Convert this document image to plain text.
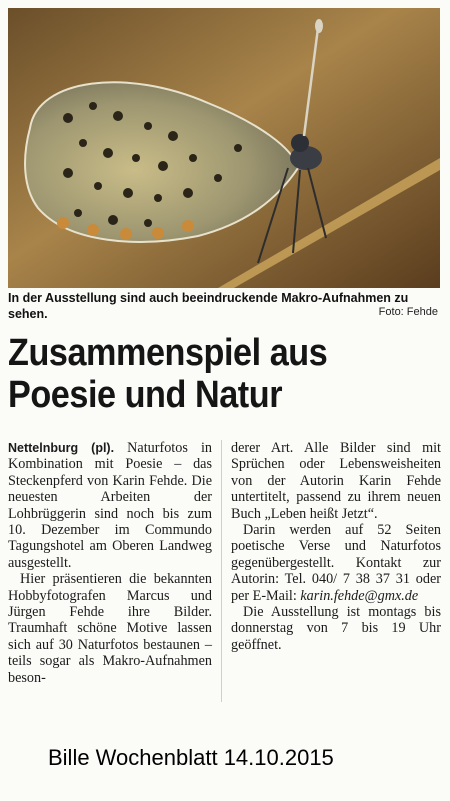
In der Ausstellung sind auch beeindruckende Makro-Aufnahmen zu sehen.	Foto: Fehde
Zusammenspiel aus
Poesie und Natur

Nettelnburg (pl). Naturfotos in Kombination mit Poesie – das Steckenpferd von Karin Fehde. Die neuesten Arbeiten der Lohbrüggerin sind noch bis zum 10. Dezember im Commundo Tagungshotel am Oberen Landweg ausgestellt.

Hier präsentieren die bekannten Hobbyfotografen Marcus und Jürgen Fehde ihre Bilder. Traumhaft schöne Motive lassen sich auf 30 Naturfotos bestaunen – teils sogar als Makro-Aufnahmen beson-

derer Art. Alle Bilder sind mit Sprüchen oder Lebensweisheiten von der Autorin Karin Fehde untertitelt, passend zu ihrem neuen Buch „Leben heißt Jetzt“.

Darin werden auf 52 Seiten poetische Verse und Naturfotos gegenübergestellt. Kontakt zur Autorin: Tel. 040/ 7 38 37 31 oder per E-Mail: karin.fehde@gmx.de

Die Ausstellung ist montags bis donnerstag von 7 bis 19 Uhr geöffnet.

Bille Wochenblatt 14.10.2015
